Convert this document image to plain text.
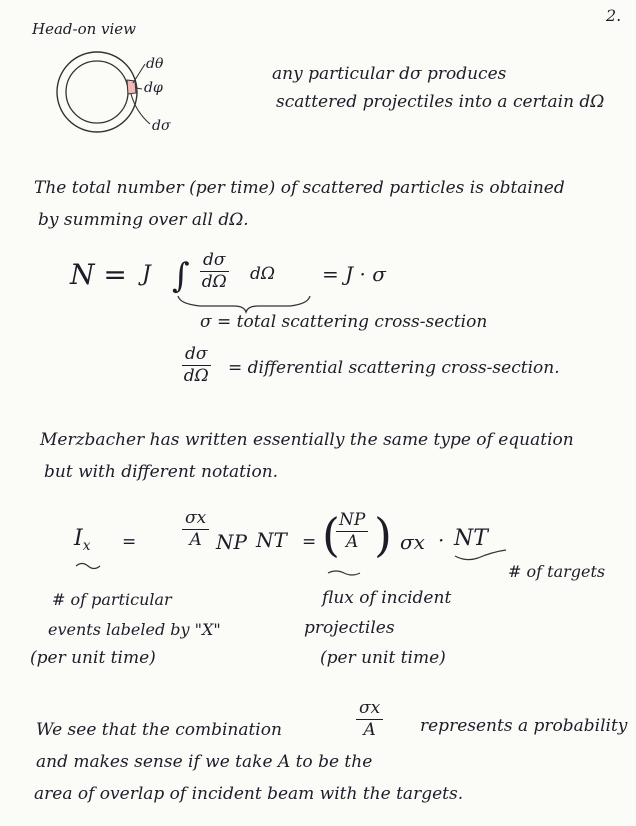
2.
Head-on view
dθ
dφ
dσ
any particular dσ produces
scattered projectiles into a certain dΩ
The total number (per time) of scattered particles is obtained
by summing over all dΩ.
N = J ∫ $\frac{d\sigma}{d\Omega}$ dΩ = J · σ
σ = total scattering cross-section
$\frac{d\sigma}{d\Omega}$ = differential scattering cross-section.
Merzbacher has written essentially the same type of equation
but with different notation.
$I_x$ =	$\frac{\sigma x}{A}$ NP NT = (
$\frac{NP}{A}$ ) σx · NT
# of particular
events labeled by "X"
(per unit time)
flux of incident
projectiles
(per unit time)
# of targets
We see that the combination	$\frac{\sigma x}{A}$ represents a probability
and makes sense if we take A to be the
area of overlap of incident beam with the targets.
